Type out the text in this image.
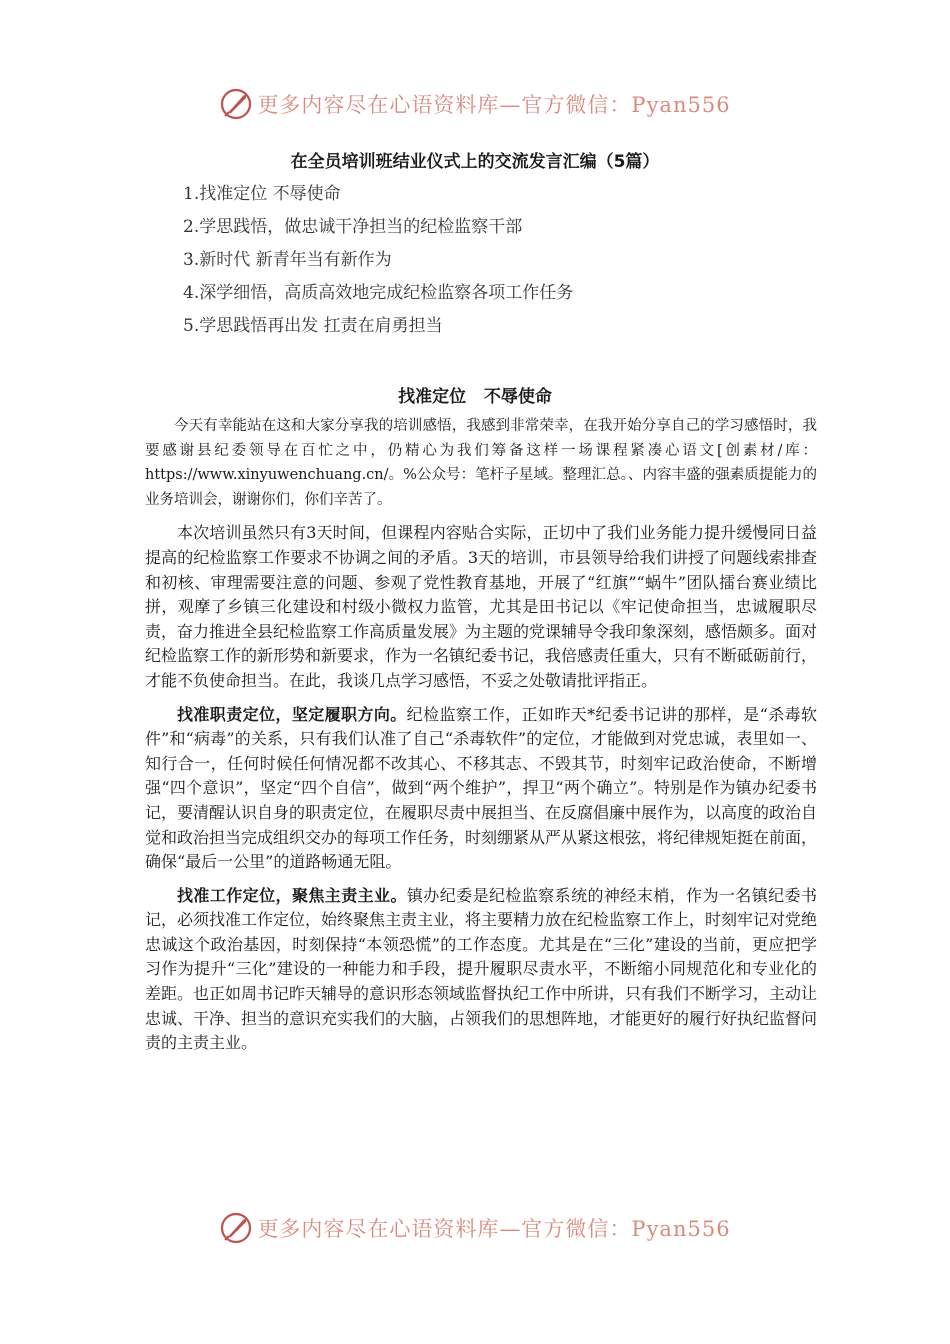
更多内容尽在心语资料库—官方微信：Pyan556
在全员培训班结业仪式上的交流发言汇编（5篇）
1.找准定位 不辱使命
2.学思践悟，做忠诚干净担当的纪检监察干部
3.新时代 新青年当有新作为
4.深学细悟，高质高效地完成纪检监察各项工作任务
5.学思践悟再出发 扛责在肩勇担当
找准定位   不辱使命

今天有幸能站在这和大家分享我的培训感悟，我感到非常荣幸，在我开始分享自己的学习感悟时，我要感谢县纪委领导在百忙之中，仍精心为我们筹备这样一场课程紧凑心语文[创素材/库：https://www.xinyuwenchuang.cn/。%公众号：笔杆子星域。整理汇总。、内容丰盛的强素质提能力的业务培训会，谢谢你们，你们辛苦了。

本次培训虽然只有3天时间，但课程内容贴合实际，正切中了我们业务能力提升缓慢同日益提高的纪检监察工作要求不协调之间的矛盾。3天的培训，市县领导给我们讲授了问题线索排查和初核、审理需要注意的问题、参观了党性教育基地，开展了“红旗”“蜗牛”团队擂台赛业绩比拼，观摩了乡镇三化建设和村级小微权力监管，尤其是田书记以《牢记使命担当，忠诚履职尽责，奋力推进全县纪检监察工作高质量发展》为主题的党课辅导令我印象深刻，感悟颇多。面对纪检监察工作的新形势和新要求，作为一名镇纪委书记，我倍感责任重大，只有不断砥砺前行，才能不负使命担当。在此，我谈几点学习感悟，不妥之处敬请批评指正。

找准职责定位，坚定履职方向。纪检监察工作，正如昨天*纪委书记讲的那样，是“杀毒软件”和“病毒”的关系，只有我们认准了自己“杀毒软件”的定位，才能做到对党忠诚，表里如一、知行合一，任何时候任何情况都不改其心、不移其志、不毁其节，时刻牢记政治使命，不断增强“四个意识”，坚定“四个自信”，做到“两个维护”，捍卫“两个确立”。特别是作为镇办纪委书记，要清醒认识自身的职责定位，在履职尽责中展担当、在反腐倡廉中展作为，以高度的政治自觉和政治担当完成组织交办的每项工作任务，时刻绷紧从严从紧这根弦，将纪律规矩挺在前面，确保“最后一公里”的道路畅通无阻。

找准工作定位，聚焦主责主业。镇办纪委是纪检监察系统的神经末梢，作为一名镇纪委书记，必须找准工作定位，始终聚焦主责主业，将主要精力放在纪检监察工作上，时刻牢记对党绝忠诚这个政治基因，时刻保持“本领恐慌”的工作态度。尤其是在“三化”建设的当前，更应把学习作为提升“三化”建设的一种能力和手段，提升履职尽责水平，不断缩小同规范化和专业化的差距。也正如周书记昨天辅导的意识形态领域监督执纪工作中所讲，只有我们不断学习，主动让忠诚、干净、担当的意识充实我们的大脑，占领我们的思想阵地，才能更好的履行好执纪监督问责的主责主业。

更多内容尽在心语资料库—官方微信：Pyan556
